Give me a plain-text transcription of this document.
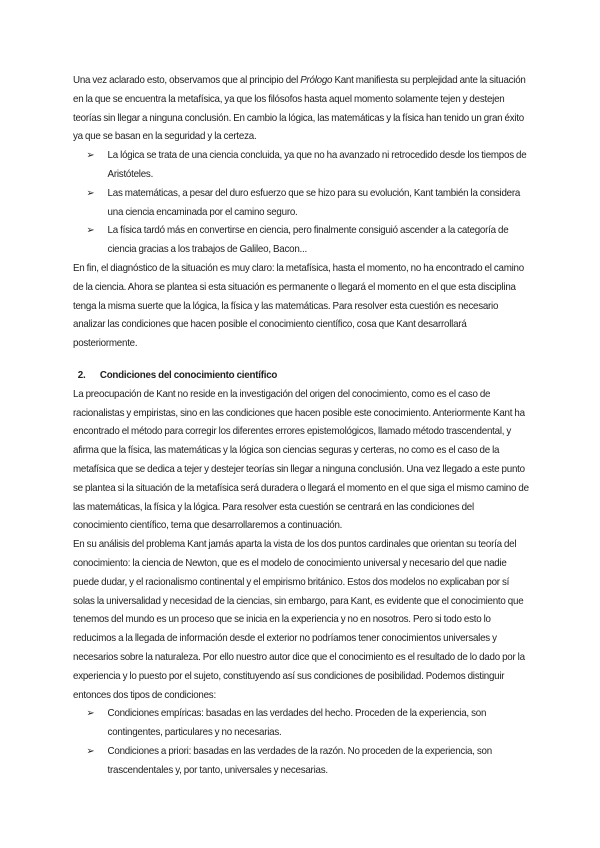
Una vez aclarado esto, observamos que al principio del Prólogo Kant manifiesta su perplejidad ante la situación en la que se encuentra la metafísica, ya que los filósofos hasta aquel momento solamente tejen y destejen teorías sin llegar a ninguna conclusión. En cambio la lógica, las matemáticas y la física han tenido un gran éxito ya que se basan en la seguridad y la certeza.

➢ La lógica se trata de una ciencia concluida, ya que no ha avanzado ni retrocedido desde los tiempos de Aristóteles.
➢ Las matemáticas, a pesar del duro esfuerzo que se hizo para su evolución, Kant también la considera una ciencia encaminada por el camino seguro.
➢ La física tardó más en convertirse en ciencia, pero finalmente consiguió ascender a la categoría de ciencia gracias a los trabajos de Galileo, Bacon...

En fin, el diagnóstico de la situación es muy claro: la metafísica, hasta el momento, no ha encontrado el camino de la ciencia. Ahora se plantea si esta situación es permanente o llegará el momento en el que esta disciplina tenga la misma suerte que la lógica, la física y las matemáticas. Para resolver esta cuestión es necesario analizar las condiciones que hacen posible el conocimiento científico, cosa que Kant desarrollará posteriormente.

2.	Condiciones del conocimiento científico

La preocupación de Kant no reside en la investigación del origen del conocimiento, como es el caso de racionalistas y empiristas, sino en las condiciones que hacen posible este conocimiento. Anteriormente Kant ha encontrado el método para corregir los diferentes errores epistemológicos, llamado método trascendental, y afirma que la física, las matemáticas y la lógica son ciencias seguras y certeras, no como es el caso de la metafísica que se dedica a tejer y destejer teorías sin llegar a ninguna conclusión. Una vez llegado a este punto se plantea si la situación de la metafísica será duradera o llegará el momento en el que siga el mismo camino de las matemáticas, la física y la lógica. Para resolver esta cuestión se centrará en las condiciones del conocimiento científico, tema que desarrollaremos a continuación.

En su análisis del problema Kant jamás aparta la vista de los dos puntos cardinales que orientan su teoría del conocimiento: la ciencia de Newton, que es el modelo de conocimiento universal y necesario del que nadie puede dudar, y el racionalismo continental y el empirismo británico. Estos dos modelos no explicaban por sí solas la universalidad y necesidad de la ciencias, sin embargo, para Kant, es evidente que el conocimiento que tenemos del mundo es un proceso que se inicia en la experiencia y no en nosotros. Pero si todo esto lo reducimos a la llegada de información desde el exterior no podríamos tener conocimientos universales y necesarios sobre la naturaleza. Por ello nuestro autor dice que el conocimiento es el resultado de lo dado por la experiencia y lo puesto por el sujeto, constituyendo así sus condiciones de posibilidad. Podemos distinguir entonces dos tipos de condiciones:

➢ Condiciones empíricas: basadas en las verdades del hecho. Proceden de la experiencia, son contingentes, particulares y no necesarias.
➢ Condiciones a priori: basadas en las verdades de la razón. No proceden de la experiencia, son trascendentales y, por tanto, universales y necesarias.
